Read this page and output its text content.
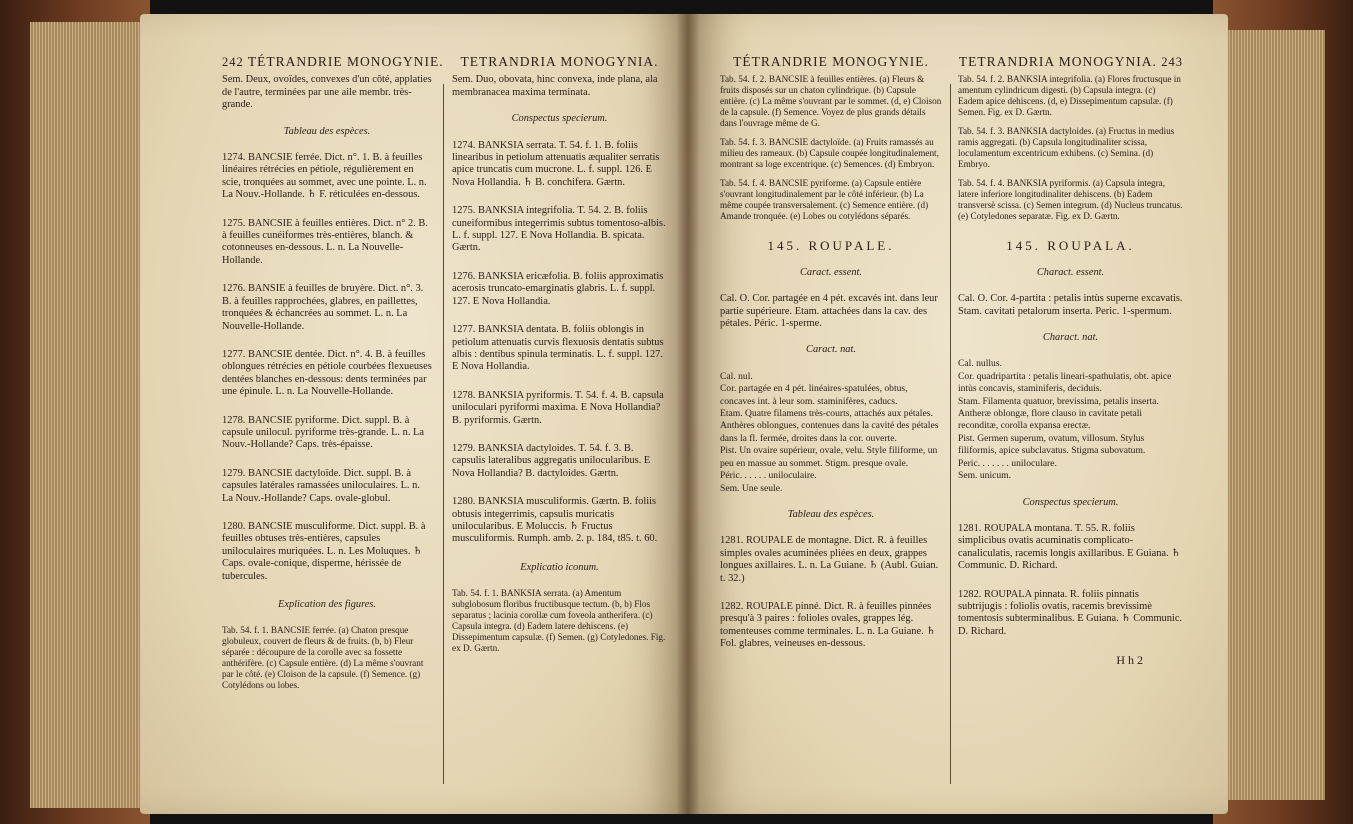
242 TÉTRANDRIE MONOGYNIE.

Sem. Deux, ovoïdes, convexes d'un côté, applaties de l'autre, terminées par une aile membr. très-grande.

Tableau des espèces.

1274. BANCSIE ferrée. Dict. n°. 1. B. à feuilles linéaires rétrécies en pétiole, régulièrement en scie, tronquées au sommet, avec une pointe. L. n. La Nouv.-Hollande. ♄ F. réticulées en-dessous.

1275. BANCSIE à feuilles entières. Dict. n° 2. B. à feuilles cunéiformes très-entières, blanch. & cotonneuses en-dessous. L. n. La Nouvelle-Hollande.

1276. BANSIE à feuilles de bruyère. Dict. n°. 3. B. à feuilles rapprochées, glabres, en paillettes, tronquées & échancrées au sommet. L. n. La Nouvelle-Hollande.

1277. BANCSIE dentée. Dict. n°. 4. B. à feuilles oblongues rétrécies en pétiole courbées flexueuses dentées blanches en-dessous: dents terminées par une épinule. L. n. La Nouvelle-Hollande.

1278. BANCSIE pyriforme. Dict. suppl. B. à capsule unilocul. pyriforme très-grande. L. n. La Nouv.-Hollande? Caps. très-épaisse.

1279. BANCSIE dactyloïde. Dict. suppl. B. à capsules latérales ramassées uniloculaires. L. n. La Nouv.-Hollande? Caps. ovale-globul.

1280. BANCSIE musculiforme. Dict. suppl. B. à feuilles obtuses très-entières, capsules uniloculaires muriquées. L. n. Les Moluques. ♄ Caps. ovale-conique, disperme, hérissée de tubercules.

Explication des figures.

Tab. 54. f. 1. BANCSIE ferrée. (a) Chaton presque globuleux, couvert de fleurs & de fruits. (b, b) Fleur séparée : découpure de la corolle avec sa fossette anthérifère. (c) Capsule entière. (d) La même s'ouvrant par le côté. (e) Cloison de la capsule. (f) Semence. (g) Cotylédons ou lobes.

TETRANDRIA MONOGYNIA.

Sem. Duo, obovata, hinc convexa, inde plana, ala membranacea maxima terminata.

Conspectus specierum.

1274. BANKSIA serrata. T. 54. f. 1. B. foliis linearibus in petiolum attenuatis æqualiter serratis apice truncatis cum mucrone. L. f. suppl. 126. E Nova Hollandia. ♄ B. conchifera. Gærtn.

1275. BANKSIA integrifolia. T. 54. 2. B. foliis cuneiformibus integerrimis subtus tomentoso-albis. L. f. suppl. 127. E Nova Hollandia. B. spicata. Gærtn.

1276. BANKSIA ericæfolia. B. foliis approximatis acerosis truncato-emarginatis glabris. L. f. suppl. 127. E Nova Hollandia.

1277. BANKSIA dentata. B. foliis oblongis in petiolum attenuatis curvis flexuosis dentatis subtus albis : dentibus spinula terminatis. L. f. suppl. 127. E Nova Hollandia.

1278. BANKSIA pyriformis. T. 54. f. 4. B. capsula uniloculari pyriformi maxima. E Nova Hollandia? B. pyriformis. Gærtn.

1279. BANKSIA dactyloides. T. 54. f. 3. B. capsulis lateralibus aggregatis unilocularibus. E Nova Hollandia? B. dactyloides. Gærtn.

1280. BANKSIA musculiformis. Gærtn. B. foliis obtusis integerrimis, capsulis muricatis unilocularibus. E Moluccis. ♄ Fructus musculiformis. Rumph. amb. 2. p. 184, t85. t. 60.

Explicatio iconum.

Tab. 54. f. 1. BANKSIA serrata. (a) Amentum subglobosum floribus fructibusque tectum. (b, b) Flos separatus ; lacinia corollæ cum foveola antherifera. (c) Capsula integra. (d) Eadem latere dehiscens. (e) Dissepimentum capsulæ. (f) Semen. (g) Cotyledones. Fig. ex D. Gærtn.

TÉTRANDRIE MONOGYNIE.

Tab. 54. f. 2. BANCSIE à feuilles entières. (a) Fleurs & fruits disposés sur un chaton cylindrique. (b) Capsule entière. (c) La même s'ouvrant par le sommet. (d, e) Cloison de la capsule. (f) Semence. Voyez de plus grands détails dans l'ouvrage même de G.

Tab. 54. f. 3. BANCSIE dactyloïde. (a) Fruits ramassés au milieu des rameaux. (b) Capsule coupée longitudinalement, montrant sa loge excentrique. (c) Semences. (d) Embryon.

Tab. 54. f. 4. BANCSIE pyriforme. (a) Capsule entière s'ouvrant longitudinalement par le côté inférieur. (b) La même coupée transversalement. (c) Semence entière. (d) Amande tronquée. (e) Lobes ou cotylédons séparés.

145. ROUPALE.

Caract. essent.

Cal. O. Cor. partagée en 4 pét. excavés int. dans leur partie supérieure. Etam. attachées dans la cav. des pétales. Péric. 1-sperme.

Caract. nat.

Cal. nul.

Cor. partagée en 4 pét. linéaires-spatulées, obtus, concaves int. à leur som. staminifères, caducs.

Etam. Quatre filamens très-courts, attachés aux pétales. Anthères oblongues, contenues dans la cavité des pétales dans la fl. fermée, droites dans la cor. ouverte.

Pist. Un ovaire supérieur, ovale, velu. Style filiforme, un peu en massue au sommet. Stigm. presque ovale.

Péric. . . . . . uniloculaire.

Sem. Une seule.

Tableau des espèces.

1281. ROUPALE de montagne. Dict. R. à feuilles simples ovales acuminées pliées en deux, grappes longues axillaires. L. n. La Guiane. ♄ (Aubl. Guian. t. 32.)

1282. ROUPALE pinné. Dict. R. à feuilles pinnées presqu'à 3 paires : folioles ovales, grappes lég. tomenteuses comme terminales. L. n. La Guiane. ♄ Fol. glabres, veineuses en-dessous.

TETRANDRIA MONOGYNIA. 243

Tab. 54. f. 2. BANKSIA integrifolia. (a) Flores fructusque in amentum cylindricum digesti. (b) Capsula integra. (c) Eadem apice dehiscens. (d, e) Dissepimentum capsulæ. (f) Semen. Fig. ex D. Gærtn.

Tab. 54. f. 3. BANKSIA dactyloides. (a) Fructus in medius ramis aggregati. (b) Capsula longitudinaliter scissa, loculamentum excentricum exhibens. (c) Semina. (d) Embryo.

Tab. 54. f. 4. BANKSIA pyriformis. (a) Capsula integra, latere inferiore longitudinaliter dehiscens. (b) Eadem transversè scissa. (c) Semen integrum. (d) Nucleus truncatus. (e) Cotyledones separatæ. Fig. ex D. Gærtn.

145. ROUPALA.

Charact. essent.

Cal. O. Cor. 4-partita : petalis intùs superne excavatis. Stam. cavitati petalorum inserta. Peric. 1-spermum.

Charact. nat.

Cal. nullus.

Cor. quadripartita : petalis lineari-spathulatis, obt. apice intùs concavis, staminiferis, deciduis.

Stam. Filamenta quatuor, brevissima, petalis inserta. Antheræ oblongæ, flore clauso in cavitate petali reconditæ, corolla expansa erectæ.

Pist. Germen superum, ovatum, villosum. Stylus filiformis, apice subclavatus. Stigma subovatum.

Peric. . . . . . . uniloculare.

Sem. unicum.

Conspectus specierum.

1281. ROUPALA montana. T. 55. R. foliis simplicibus ovatis acuminatis complicato-canaliculatis, racemis longis axillaribus. E Guiana. ♄ Communic. D. Richard.

1282. ROUPALA pinnata. R. foliis pinnatis subtrijugis : foliolis ovatis, racemis brevissimè tomentosis subterminalibus. E Guiana. ♄ Communic. D. Richard.

H h 2
